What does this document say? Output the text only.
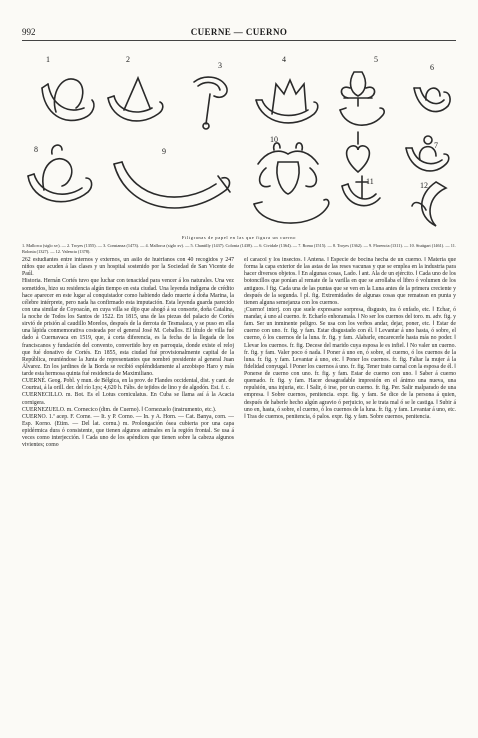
992	CUERNE — CUERNO
1	2
3
4	5
6
7
8	9
10
11	12
Filigranas de papel en las que figura un cuerno
1. Mallorca (siglo xv). — 2. Troyes (1355). — 3. Constanza (1473). — 4. Mallorca (siglo xv). — 5. Chantilly (1437). Colonia (1438). — 6. Cividale (1364). — 7. Roma (1515). — 8. Troyes (1362). — 9. Florencia (1311). — 10. Stuttgart (1461). — 11. Bolonia (1327). — 12. Valencia (1378).

262 estudiantes entre internos y externos, un asilo de huérfanos con 40 recogidos y 247 niños que acuden á las clases y un hospital sostenido por la Sociedad de San Vicente de Paúl.

Historia. Hernán Cortés tuvo que luchar con tenacidad para vencer á los naturales. Una vez sometidos, hizo su residencia algún tiempo en esta ciudad. Una leyenda indígena de crédito hace aparecer en este lugar al conquistador como habiendo dado muerte á doña Marina, la célebre intérprete, pero nada ha confirmado esta imputación. Esta leyenda guarda parecido con una similar de Coyoacán, en cuya villa se dijo que ahogó á su consorte, doña Catalina, la noche de Todos los Santos de 1522. En 1815, una de las piezas del palacio de Cortés sirvió de prisión al caudillo Morelos, después de la derrota de Tesmalaca, y se puso en ella una lápida conmemorativa costeada por el general José M. Ceballos. El título de villa fué dado á Cuernavaca en 1519, que, á corta diferencia, es la fecha de la llegada de los franciscanos y fundación del convento, convertido hoy en parroquia, donde existe el reloj que fué donativo de Cortés. En 1855, esta ciudad fué provisionalmente capital de la República, reuniéndose la Junta de representantes que nombró presidente al general Juan Álvarez. En los jardines de la Borda se recibió espléndidamente al arzobispo Haro y más tarde esta hermosa quinta fué residencia de Maximiliano.

CUERNÉ. Geog. Pobl. y mun. de Bélgica, en la prov. de Flandes occidental, dist. y cant. de Courtrai, á la orill. der. del río Lys; 4,620 h. Fábs. de tejidos de lino y de algodón. Est. f. c.

CUERNECILLO. m. Bot. Es el Lotus corniculatus. En Cuba se llama así á la Acacia cornigera.

CUERNEZUELO. m. Cornecico (dim. de Cuerno). ‖ Cornezuelo (instrumento, etc.).

CUERNO. 1.ª acep. F. Corne. — It. y P. Corno. — In. y A. Horn. — Cat. Banya, corn. — Esp. Korno. (Etim. — Del lat. cornu.) m. Prolongación ósea cubierta por una capa epidérmica dura ó consistente, que tienen algunos animales en la región frontal. Se usa á veces como interjección. ‖ Cada uno de los apéndices que tienen sobre la cabeza algunos vivientes; como

el caracol y los insectos. ‖ Antena. ‖ Especie de bocina hecha de un cuerno. ‖ Materia que forma la capa exterior de las astas de las reses vacunas y que se emplea en la industria para hacer diversos objetos. ‖ En algunas cosas, Lado. ‖ ant. Ala de un ejército. ‖ Cada uno de los botoncillos que ponían al remate de la varilla en que se arrollaba el libro ó volumen de los antiguos. ‖ fig. Cada una de las puntas que se ven en la Luna antes de la primera creciente y después de la segunda. ‖ pl. fig. Extremidades de algunas cosas que rematean en punta y tienen alguna semejanza con los cuernos.

¡Cuerno! interj. con que suele expresarse sorpresa, disgusto, ira ó enfado, etc. ‖ Echar, ó mandar, á uno al cuerno. fr. Echarlo enhoramala. ‖ No ser los cuernos del toro. m. adv. fig. y fam. Ser un inminente peligro. Se usa con los verbos andar, dejar, poner, etc. ‖ Estar de cuerno con uno. fr. fig. y fam. Estar disgustado con él. ‖ Levantar á uno hasta, ó sobre, el cuerno, ó los cuernos de la luna. fr. fig. y fam. Alabarle, encarecerle hasta más no poder. ‖ Llevar los cuernos. fr. fig. Decese del marido cuya esposa le es infiel. ‖ No valer un cuerno. fr. fig. y fam. Valer poco ó nada. ‖ Poner á uno en, ó sobre, el cuerno, ó los cuernos de la luna. fr. fig. y fam. Levantar á uno, etc. ‖ Poner los cuernos. fr. fig. Faltar la mujer á la fidelidad conyugal. ‖ Poner los cuernos á uno. fr. fig. Tener trato carnal con la esposa de él. ‖ Ponerse de cuerno con uno. fr. fig. y fam. Estar de cuerno con uno. ‖ Saber á cuerno quemado. fr. fig. y fam. Hacer desagradable impresión en el ánimo una nueva, una repulsión, una injuria, etc. ‖ Salir, ó irse, por un cuerno. fr. fig. Per. Salir malparado de una empresa. ‖ Sobre cuernos, penitencia. expr. fig. y fam. Se dice de la persona á quien, después de haberle hecho algún agravio ó perjuicio, se le trata mal ó se le castiga. ‖ Subir á uno en, hasta, ó sobre, el cuerno, ó los cuernos de la luna. fr. fig. y fam. Levantar á uno, etc. ‖ Tras de cuernos, penitencia, ó palos. expr. fig. y fam. Sobre cuernos, penitencia.
